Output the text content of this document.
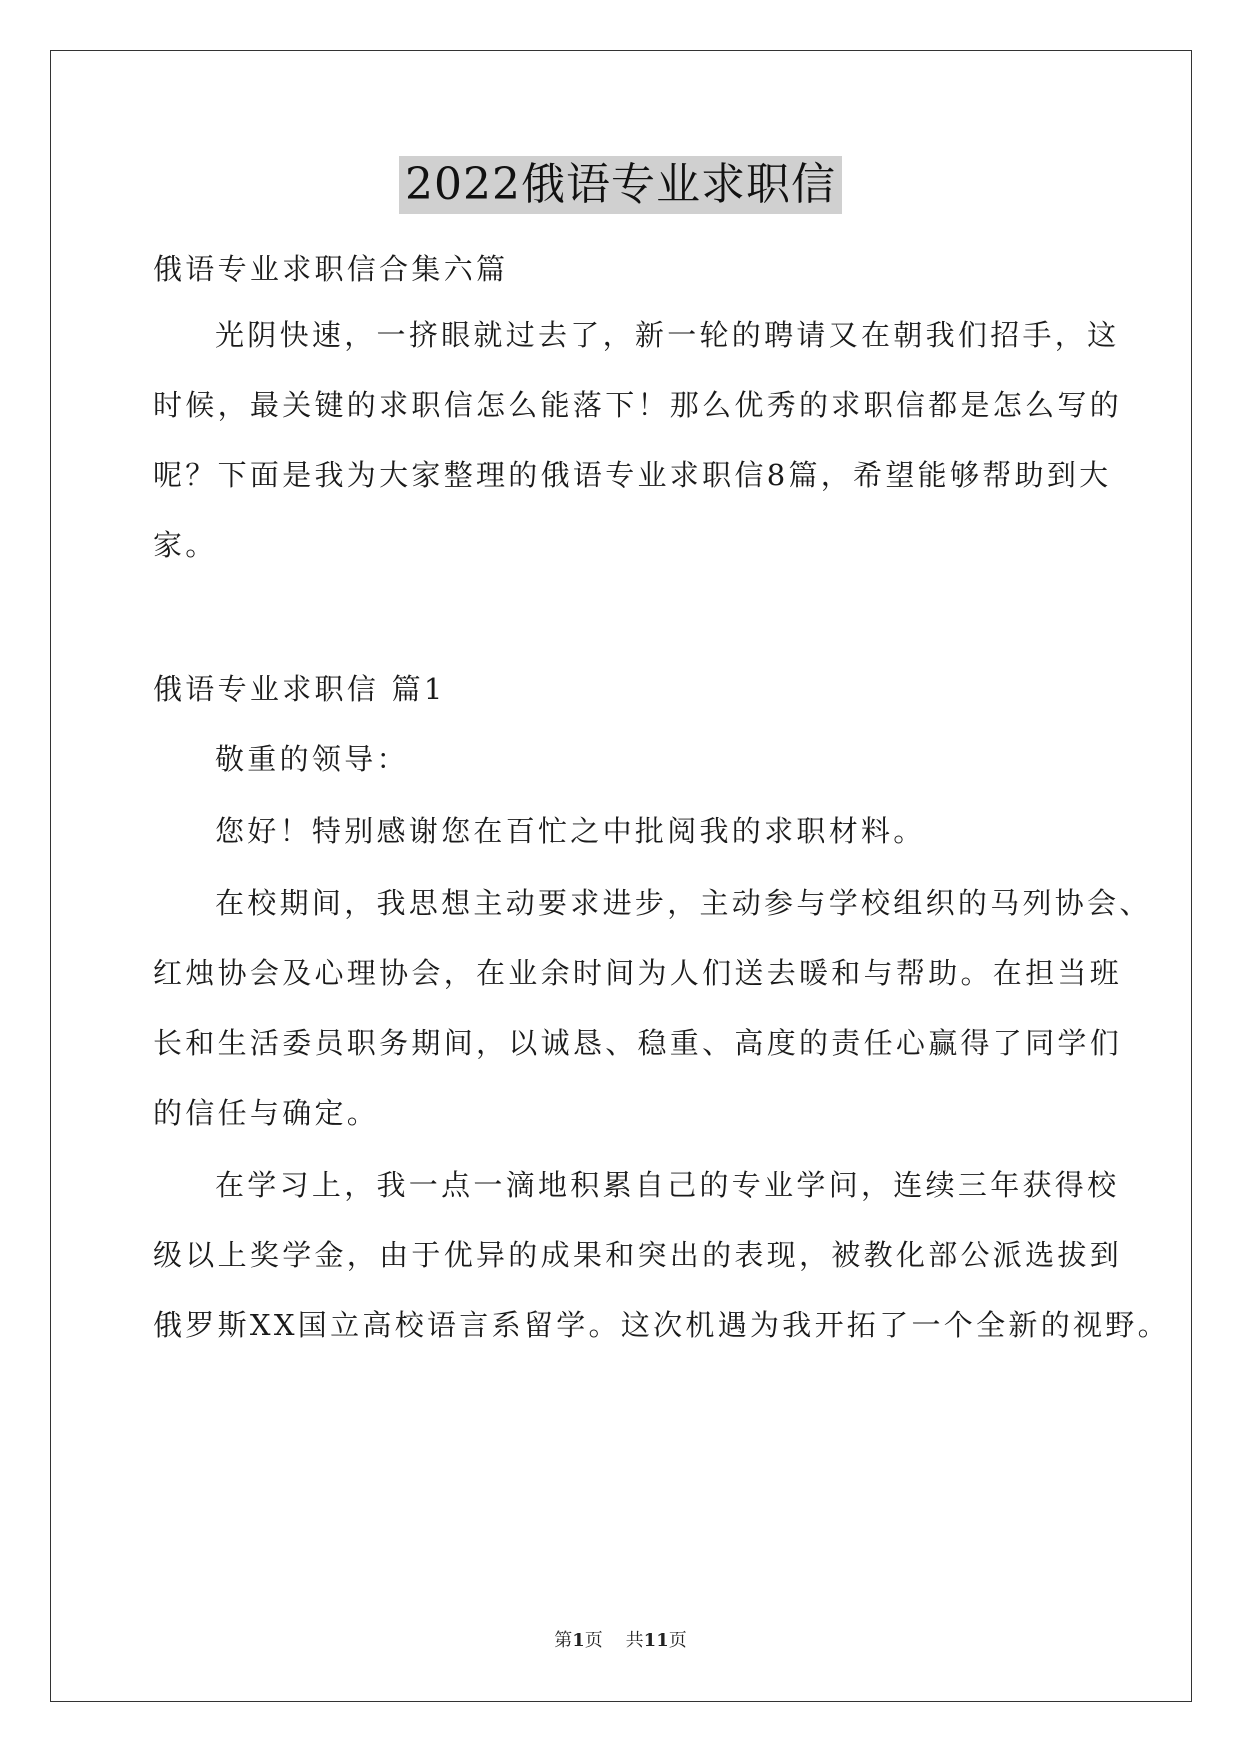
2022俄语专业求职信
俄语专业求职信合集六篇
光阴快速，一挤眼就过去了，新一轮的聘请又在朝我们招手，这
时候，最关键的求职信怎么能落下！那么优秀的求职信都是怎么写的
呢？下面是我为大家整理的俄语专业求职信8篇，希望能够帮助到大
家。
俄语专业求职信 篇1
敬重的领导：
您好！特别感谢您在百忙之中批阅我的求职材料。
在校期间，我思想主动要求进步，主动参与学校组织的马列协会、
红烛协会及心理协会，在业余时间为人们送去暖和与帮助。在担当班
长和生活委员职务期间，以诚恳、稳重、高度的责任心赢得了同学们
的信任与确定。
在学习上，我一点一滴地积累自己的专业学问，连续三年获得校
级以上奖学金，由于优异的成果和突出的表现，被教化部公派选拔到
俄罗斯XX国立高校语言系留学。这次机遇为我开拓了一个全新的视野。
第1页 共11页
